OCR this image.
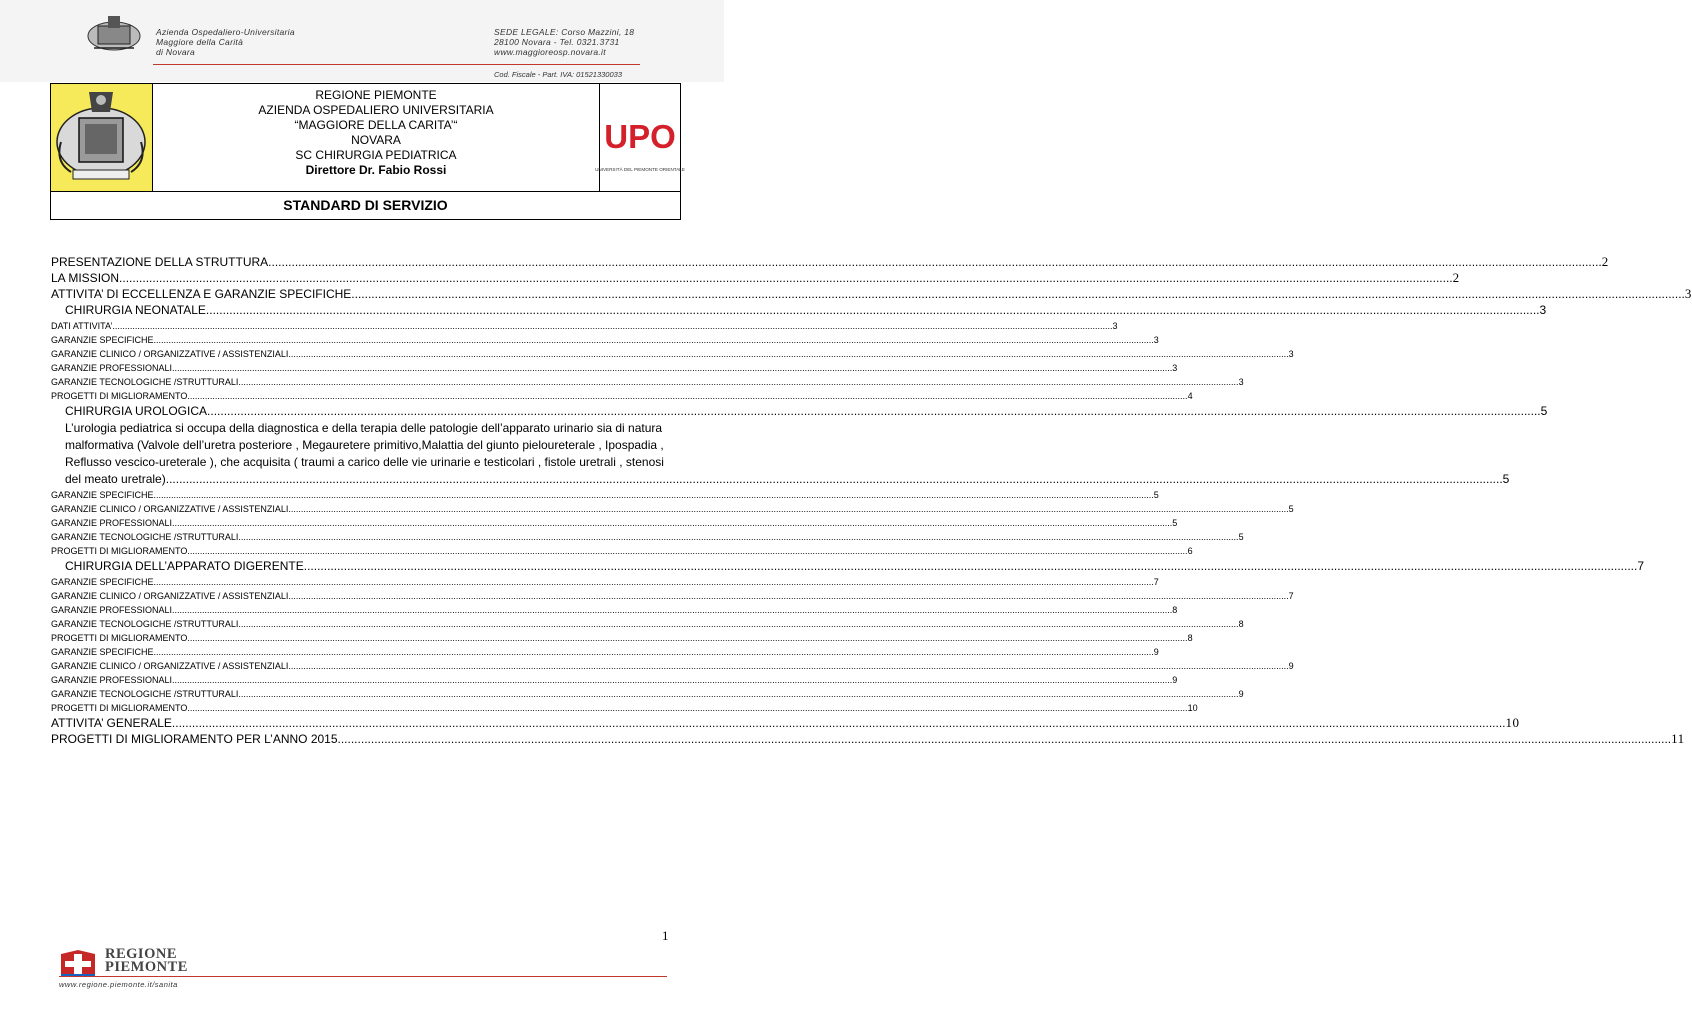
Azienda Ospedaliero-Universitaria
Maggiore della Carità
di Novara
SEDE LEGALE: Corso Mazzini, 18
28100 Novara - Tel. 0321.3731
www.maggioreosp.novara.it
Cod. Fiscale - Part. IVA: 01521330033
REGIONE PIEMONTE
AZIENDA OSPEDALIERO UNIVERSITARIA
“MAGGIORE DELLA CARITA’“
NOVARA
SC CHIRURGIA PEDIATRICA
Direttore Dr. Fabio Rossi
UPO
UNIVERSITÀ DEL PIEMONTE ORIENTALE
STANDARD DI SERVIZIO
PRESENTAZIONE DELLA STRUTTURA .....	2
LA MISSION .....	2
ATTIVITA’ DI ECCELLENZA E GARANZIE SPECIFICHE .....	3
CHIRURGIA NEONATALE .....	3
DATI ATTIVITA’ .....	3
GARANZIE SPECIFICHE .....	3
GARANZIE CLINICO / ORGANIZZATIVE / ASSISTENZIALI .....	3
GARANZIE PROFESSIONALI .....	3
GARANZIE TECNOLOGICHE /STRUTTURALI .....	3
PROGETTI DI MIGLIORAMENTO .....	4
CHIRURGIA UROLOGICA .....	5
L’urologia pediatrica si occupa della diagnostica e della terapia delle patologie dell’apparato urinario sia di natura
malformativa (Valvole dell’uretra posteriore , Megauretere primitivo,Malattia del giunto pieloureterale , Ipospadia ,
Reflusso vescico-ureterale ), che acquisita ( traumi a carico delle vie urinarie e testicolari , fistole uretrali , stenosi
del meato uretrale). .....	5
GARANZIE SPECIFICHE .....	5
GARANZIE CLINICO / ORGANIZZATIVE / ASSISTENZIALI .....	5
GARANZIE PROFESSIONALI .....	5
GARANZIE TECNOLOGICHE /STRUTTURALI .....	5
PROGETTI DI MIGLIORAMENTO .....	6
CHIRURGIA DELL’APPARATO DIGERENTE .....	7
GARANZIE SPECIFICHE .....	7
GARANZIE CLINICO / ORGANIZZATIVE / ASSISTENZIALI .....	7
GARANZIE PROFESSIONALI .....	8
GARANZIE TECNOLOGICHE /STRUTTURALI .....	8
PROGETTI DI MIGLIORAMENTO .....	8
GARANZIE SPECIFICHE .....	9
GARANZIE CLINICO / ORGANIZZATIVE / ASSISTENZIALI .....	9
GARANZIE PROFESSIONALI .....	9
GARANZIE TECNOLOGICHE /STRUTTURALI .....	9
PROGETTI DI MIGLIORAMENTO .....	10
ATTIVITA’ GENERALE .....	10
PROGETTI DI MIGLIORAMENTO PER L’ANNO 2015 .....	11
1
REGIONE
PIEMONTE
www.regione.piemonte.it/sanita
